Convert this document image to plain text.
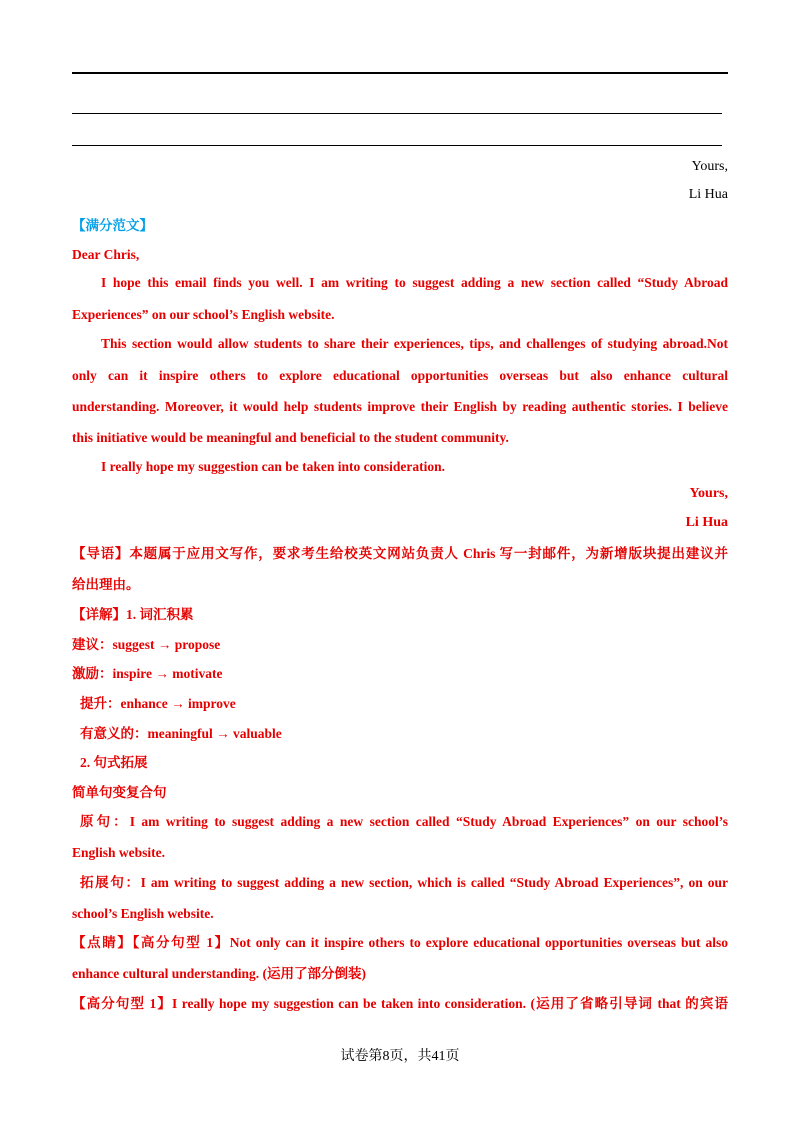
Yours,
Li Hua
【满分范文】
Dear Chris,
I hope this email finds you well. I am writing to suggest adding a new section called “Study Abroad
Experiences” on our school’s English website.
This section would allow students to share their experiences, tips, and challenges of studying abroad.Not
only can it inspire others to explore educational opportunities overseas but also enhance cultural
understanding. Moreover, it would help students improve their English by reading authentic stories. I believe
this initiative would be meaningful and beneficial to the student community.
I really hope my suggestion can be taken into consideration.
Yours,
Li Hua
【导语】本题属于应用文写作，要求考生给校英文网站负责人 Chris 写一封邮件，为新增版块提出建议并
给出理由。
【详解】1. 词汇积累
建议：suggest → propose
激励：inspire → motivate
提升：enhance → improve
有意义的：meaningful → valuable
2. 句式拓展
简单句变复合句
原句：I am writing to suggest adding a new section called “Study Abroad Experiences” on our school’s
English website.
拓展句：I am writing to suggest adding a new section, which is called “Study Abroad Experiences”, on our
school’s English website.
【点睛】【高分句型 1】Not only can it inspire others to explore educational opportunities overseas but also
enhance cultural understanding. (运用了部分倒装)
【高分句型 1】I really hope my suggestion can be taken into consideration. (运用了省略引导词 that 的宾语
试卷第8页，共41页
